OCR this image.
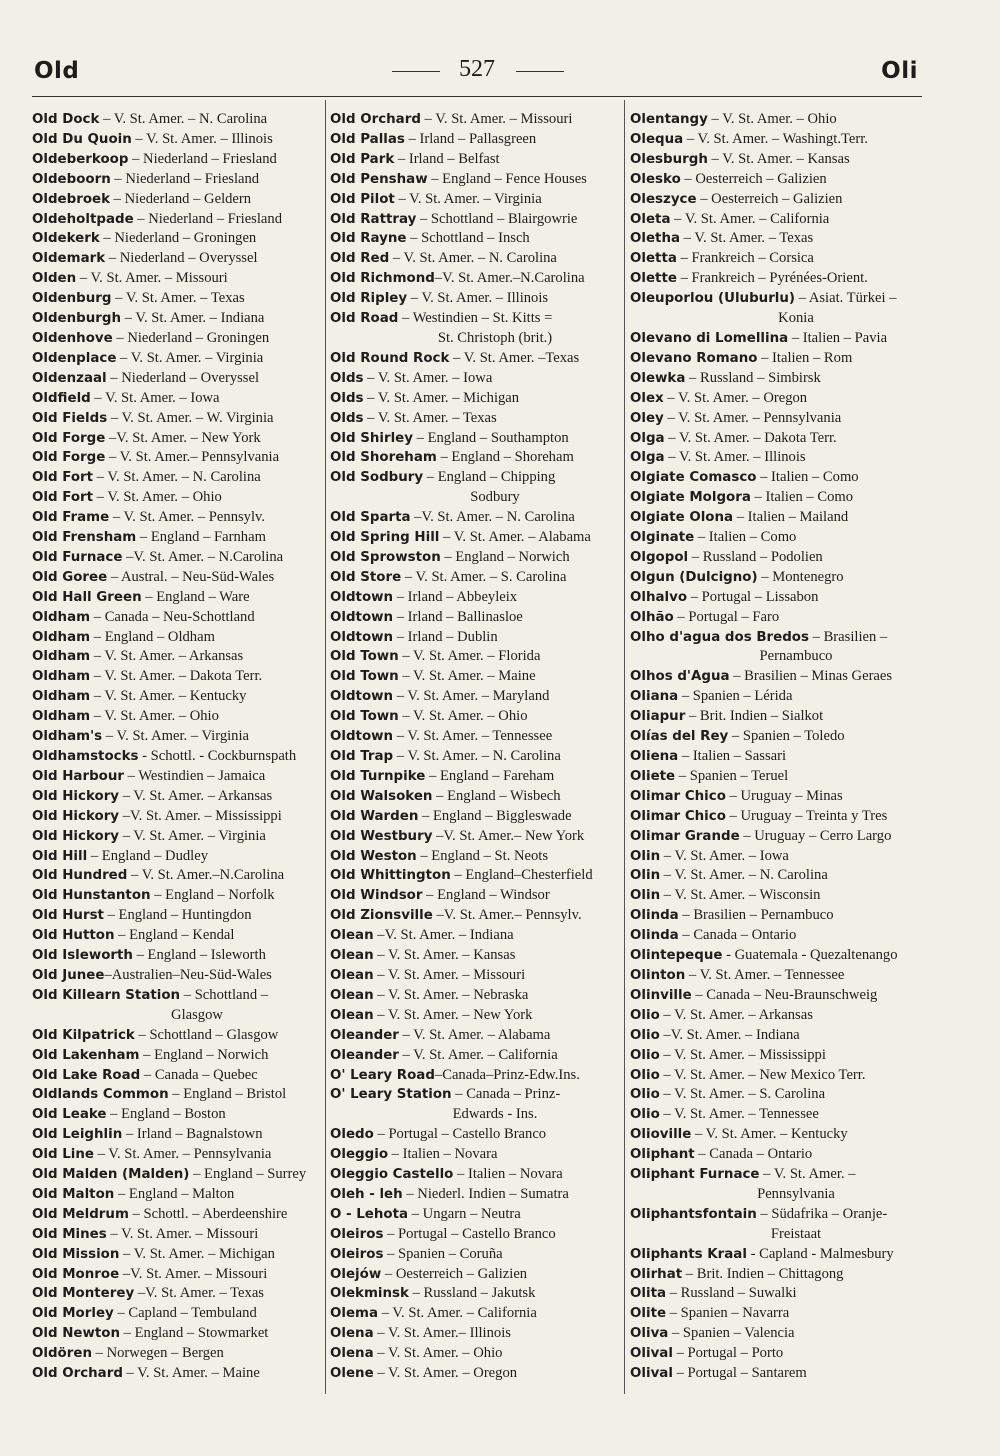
Old	527	Oli
Old Dock – V. St. Amer. – N. Carolina
Old Du Quoin – V. St. Amer. – Illinois
Oldeberkoop – Niederland – Friesland
Oldeboorn – Niederland – Friesland
Oldebroek – Niederland – Geldern
Oldeholtpade – Niederland – Friesland
Oldekerk – Niederland – Groningen
Oldemark – Niederland – Overyssel
Olden – V. St. Amer. – Missouri
Oldenburg – V. St. Amer. – Texas
Oldenburgh – V. St. Amer. – Indiana
Oldenhove – Niederland – Groningen
Oldenplace – V. St. Amer. – Virginia
Oldenzaal – Niederland – Overyssel
Oldfield – V. St. Amer. – Iowa
Old Fields – V. St. Amer. – W. Virginia
Old Forge –V. St. Amer. – New York
Old Forge – V. St. Amer.– Pennsylvania
Old Fort – V. St. Amer. – N. Carolina
Old Fort – V. St. Amer. – Ohio
Old Frame – V. St. Amer. – Pennsylv.
Old Frensham – England – Farnham
Old Furnace –V. St. Amer. – N.Carolina
Old Goree – Austral. – Neu-Süd-Wales
Old Hall Green – England – Ware
Oldham – Canada – Neu-Schottland
Oldham – England – Oldham
Oldham – V. St. Amer. – Arkansas
Oldham – V. St. Amer. – Dakota Terr.
Oldham – V. St. Amer. – Kentucky
Oldham – V. St. Amer. – Ohio
Oldham's – V. St. Amer. – Virginia
Oldhamstocks - Schottl. - Cockburnspath
Old Harbour – Westindien – Jamaica
Old Hickory – V. St. Amer. – Arkansas
Old Hickory –V. St. Amer. – Mississippi
Old Hickory – V. St. Amer. – Virginia
Old Hill – England – Dudley
Old Hundred – V. St. Amer.–N.Carolina
Old Hunstanton – England – Norfolk
Old Hurst – England – Huntingdon
Old Hutton – England – Kendal
Old Isleworth – England – Isleworth
Old Junee–Australien–Neu-Süd-Wales
Old Killearn Station – Schottland –
Glasgow
Old Kilpatrick – Schottland – Glasgow
Old Lakenham – England – Norwich
Old Lake Road – Canada – Quebec
Oldlands Common – England – Bristol
Old Leake – England – Boston
Old Leighlin – Irland – Bagnalstown
Old Line – V. St. Amer. – Pennsylvania
Old Malden (Malden) – England – Surrey
Old Malton – England – Malton
Old Meldrum – Schottl. – Aberdeenshire
Old Mines – V. St. Amer. – Missouri
Old Mission – V. St. Amer. – Michigan
Old Monroe –V. St. Amer. – Missouri
Old Monterey –V. St. Amer. – Texas
Old Morley – Capland – Tembuland
Old Newton – England – Stowmarket
Oldören – Norwegen – Bergen
Old Orchard – V. St. Amer. – Maine
Old Orchard – V. St. Amer. – Missouri
Old Pallas – Irland – Pallasgreen
Old Park – Irland – Belfast
Old Penshaw – England – Fence Houses
Old Pilot – V. St. Amer. – Virginia
Old Rattray – Schottland – Blairgowrie
Old Rayne – Schottland – Insch
Old Red – V. St. Amer. – N. Carolina
Old Richmond–V. St. Amer.–N.Carolina
Old Ripley – V. St. Amer. – Illinois
Old Road – Westindien – St. Kitts =
St. Christoph (brit.)
Old Round Rock – V. St. Amer. –Texas
Olds – V. St. Amer. – Iowa
Olds – V. St. Amer. – Michigan
Olds – V. St. Amer. – Texas
Old Shirley – England – Southampton
Old Shoreham – England – Shoreham
Old Sodbury – England – Chipping
Sodbury
Old Sparta –V. St. Amer. – N. Carolina
Old Spring Hill – V. St. Amer. – Alabama
Old Sprowston – England – Norwich
Old Store – V. St. Amer. – S. Carolina
Oldtown – Irland – Abbeyleix
Oldtown – Irland – Ballinasloe
Oldtown – Irland – Dublin
Old Town – V. St. Amer. – Florida
Old Town – V. St. Amer. – Maine
Oldtown – V. St. Amer. – Maryland
Old Town – V. St. Amer. – Ohio
Oldtown – V. St. Amer. – Tennessee
Old Trap – V. St. Amer. – N. Carolina
Old Turnpike – England – Fareham
Old Walsoken – England – Wisbech
Old Warden – England – Biggleswade
Old Westbury –V. St. Amer.– New York
Old Weston – England – St. Neots
Old Whittington – England–Chesterfield
Old Windsor – England – Windsor
Old Zionsville –V. St. Amer.– Pennsylv.
Olean –V. St. Amer. – Indiana
Olean – V. St. Amer. – Kansas
Olean – V. St. Amer. – Missouri
Olean – V. St. Amer. – Nebraska
Olean – V. St. Amer. – New York
Oleander – V. St. Amer. – Alabama
Oleander – V. St. Amer. – California
O' Leary Road–Canada–Prinz-Edw.Ins.
O' Leary Station – Canada – Prinz-
Edwards - Ins.
Oledo – Portugal – Castello Branco
Oleggio – Italien – Novara
Oleggio Castello – Italien – Novara
Oleh - leh – Niederl. Indien – Sumatra
O - Lehota – Ungarn – Neutra
Oleiros – Portugal – Castello Branco
Oleiros – Spanien – Coruña
Olejów – Oesterreich – Galizien
Olekminsk – Russland – Jakutsk
Olema – V. St. Amer. – California
Olena – V. St. Amer.– Illinois
Olena – V. St. Amer. – Ohio
Olene – V. St. Amer. – Oregon
Olentangy – V. St. Amer. – Ohio
Olequa – V. St. Amer. – Washingt.Terr.
Olesburgh – V. St. Amer. – Kansas
Olesko – Oesterreich – Galizien
Oleszyce – Oesterreich – Galizien
Oleta – V. St. Amer. – California
Oletha – V. St. Amer. – Texas
Oletta – Frankreich – Corsica
Olette – Frankreich – Pyrénées-Orient.
Oleuporlou (Uluburlu) – Asiat. Türkei –
Konia
Olevano di Lomellina – Italien – Pavia
Olevano Romano – Italien – Rom
Olewka – Russland – Simbirsk
Olex – V. St. Amer. – Oregon
Oley – V. St. Amer. – Pennsylvania
Olga – V. St. Amer. – Dakota Terr.
Olga – V. St. Amer. – Illinois
Olgiate Comasco – Italien – Como
Olgiate Molgora – Italien – Como
Olgiate Olona – Italien – Mailand
Olginate – Italien – Como
Olgopol – Russland – Podolien
Olgun (Dulcigno) – Montenegro
Olhalvo – Portugal – Lissabon
Olhão – Portugal – Faro
Olho d'agua dos Bredos – Brasilien –
Pernambuco
Olhos d'Agua – Brasilien – Minas Geraes
Oliana – Spanien – Lérida
Oliapur – Brit. Indien – Sialkot
Olías del Rey – Spanien – Toledo
Oliena – Italien – Sassari
Oliete – Spanien – Teruel
Olimar Chico – Uruguay – Minas
Olimar Chico – Uruguay – Treinta y Tres
Olimar Grande – Uruguay – Cerro Largo
Olin – V. St. Amer. – Iowa
Olin – V. St. Amer. – N. Carolina
Olin – V. St. Amer. – Wisconsin
Olinda – Brasilien – Pernambuco
Olinda – Canada – Ontario
Olintepeque - Guatemala - Quezaltenango
Olinton – V. St. Amer. – Tennessee
Olinville – Canada – Neu-Braunschweig
Olio – V. St. Amer. – Arkansas
Olio –V. St. Amer. – Indiana
Olio – V. St. Amer. – Mississippi
Olio – V. St. Amer. – New Mexico Terr.
Olio – V. St. Amer. – S. Carolina
Olio – V. St. Amer. – Tennessee
Olioville – V. St. Amer. – Kentucky
Oliphant – Canada – Ontario
Oliphant Furnace – V. St. Amer. –
Pennsylvania
Oliphantsfontain – Südafrika – Oranje-
Freistaat
Oliphants Kraal - Capland - Malmesbury
Olirhat – Brit. Indien – Chittagong
Olita – Russland – Suwalki
Olite – Spanien – Navarra
Oliva – Spanien – Valencia
Olival – Portugal – Porto
Olival – Portugal – Santarem
